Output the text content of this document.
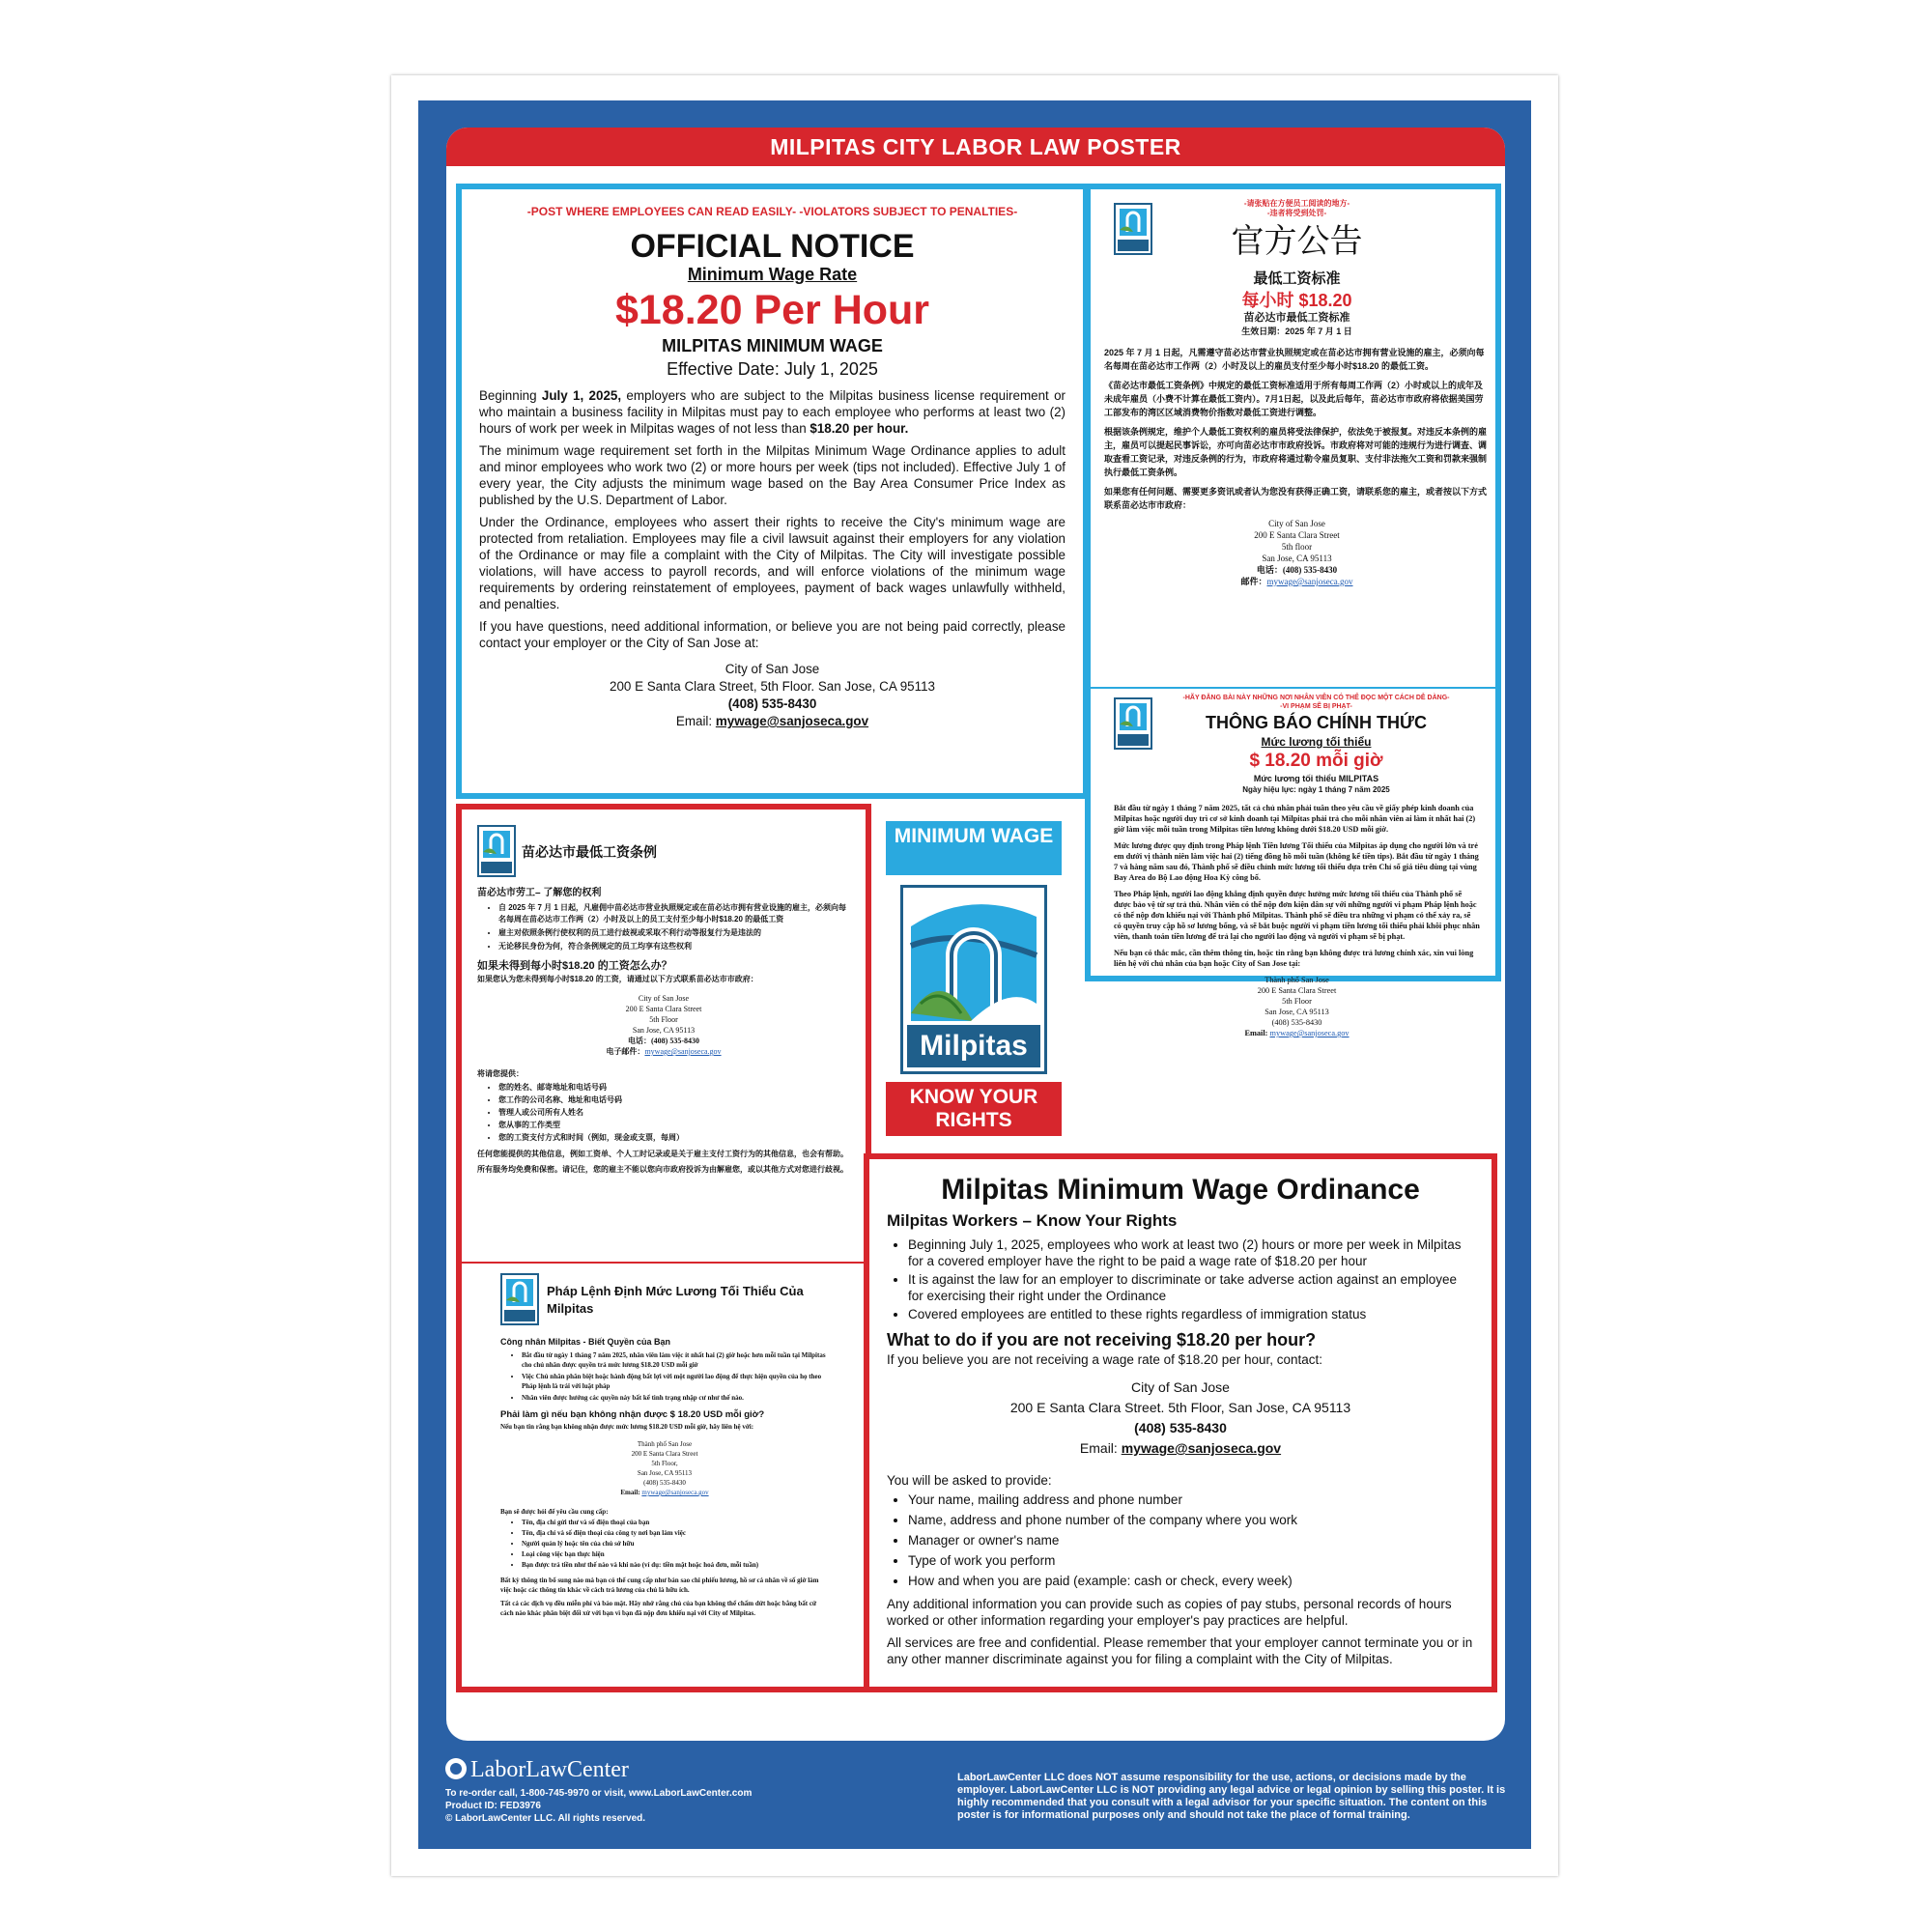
LaborLawCenter
To re-order call, 1-800-745-9970 or visit, www.LaborLawCenter.com
Product ID: FED3976
© LaborLawCenter LLC. All rights reserved.
LaborLawCenter LLC does NOT assume responsibility for the use, actions, or decisions made by the employer. LaborLawCenter LLC is NOT providing any legal advice or legal opinion by selling this poster. It is highly recommended that you consult with a legal advisor for your specific situation. The content on this poster is for informational purposes only and should not take the place of formal training.
MILPITAS CITY LABOR LAW POSTER
-POST WHERE EMPLOYEES CAN READ EASILY- -VIOLATORS SUBJECT TO PENALTIES-
OFFICIAL NOTICE
Minimum Wage Rate
$18.20 Per Hour
MILPITAS MINIMUM WAGE
Effective Date: July 1, 2025

Beginning July 1, 2025, employers who are subject to the Milpitas business license requirement or who maintain a business facility in Milpitas must pay to each employee who performs at least two (2) hours of work per week in Milpitas wages of not less than $18.20 per hour.

The minimum wage requirement set forth in the Milpitas Minimum Wage Ordinance applies to adult and minor employees who work two (2) or more hours per week (tips not included). Effective July 1 of every year, the City adjusts the minimum wage based on the Bay Area Consumer Price Index as published by the U.S. Department of Labor.

Under the Ordinance, employees who assert their rights to receive the City's minimum wage are protected from retaliation. Employees may file a civil lawsuit against their employers for any violation of the Ordinance or may file a complaint with the City of Milpitas. The City will investigate possible violations, will have access to payroll records, and will enforce violations of the minimum wage requirements by ordering reinstatement of employees, payment of back wages unlawfully withheld, and penalties.

If you have questions, need additional information, or believe you are not being paid correctly, please contact your employer or the City of San Jose at:

City of San Jose
200 E Santa Clara Street, 5th Floor. San Jose, CA 95113
(408) 535-8430
Email: mywage@sanjoseca.gov
-请张贴在方便员工阅读的地方-
-违者将受到处罚-
官方公告
最低工资标准
每小时 $18.20
苗必达市最低工资标准
生效日期：2025 年 7 月 1 日

2025 年 7 月 1 日起，凡需遵守苗必达市营业执照规定或在苗必达市拥有营业设施的雇主，必须向每名每周在苗必达市工作两（2）小时及以上的雇员支付至少每小时$18.20 的最低工资。

《苗必达市最低工资条例》中规定的最低工资标准适用于所有每周工作两（2）小时或以上的成年及未成年雇员（小费不计算在最低工资内）。7月1日起，以及此后每年，苗必达市市政府将依据美国劳工部发布的湾区区域消费物价指数对最低工资进行调整。

根据该条例规定，维护个人最低工资权利的雇员将受法律保护，依法免于被报复。对违反本条例的雇主，雇员可以提起民事诉讼，亦可向苗必达市市政府投诉。市政府将对可能的违规行为进行调查、调取查看工资记录，对违反条例的行为，市政府将通过勒令雇员复职、支付非法拖欠工资和罚款来强制执行最低工资条例。

如果您有任何问题、需要更多资讯或者认为您没有获得正确工资，请联系您的雇主，或者按以下方式联系苗必达市市政府：

City of San Jose
200 E Santa Clara Street
5th floor
San Jose, CA 95113
电话：(408) 535-8430
邮件：mywage@sanjoseca.gov
-HÃY ĐĂNG BÀI NÀY NHỮNG NƠI NHÂN VIÊN CÓ THỂ ĐỌC MỘT CÁCH DỄ DÀNG-
-VI PHẠM SẼ BỊ PHẠT-
THÔNG BÁO CHÍNH THỨC
Mức lương tối thiểu
$ 18.20 mỗi giờ
Mức lương tối thiểu MILPITAS
Ngày hiệu lực: ngày 1 tháng 7 năm 2025

Bắt đầu từ ngày 1 tháng 7 năm 2025, tất cả chủ nhân phải tuân theo yêu cầu về giấy phép kinh doanh của Milpitas hoặc người duy trì cơ sở kinh doanh tại Milpitas phải trả cho mỗi nhân viên ai làm ít nhất hai (2) giờ làm việc mỗi tuần trong Milpitas tiền lương không dưới $18.20 USD mỗi giờ.

Mức lương được quy định trong Pháp lệnh Tiền lương Tối thiểu của Milpitas áp dụng cho người lớn và trẻ em dưới vị thành niên làm việc hai (2) tiếng đồng hồ mỗi tuần (không kể tiền tips). Bắt đầu từ ngày 1 tháng 7 và hàng năm sau đó, Thành phố sẽ điều chỉnh mức lương tối thiểu dựa trên Chỉ số giá tiêu dùng tại vùng Bay Area do Bộ Lao động Hoa Kỳ công bố.

Theo Pháp lệnh, người lao động khẳng định quyền được hưởng mức lương tối thiểu của Thành phố sẽ được bảo vệ từ sự trả thù. Nhân viên có thể nộp đơn kiện dân sự với những người vi phạm Pháp lệnh hoặc có thể nộp đơn khiếu nại với Thành phố Milpitas. Thành phố sẽ điều tra những vi phạm có thể xảy ra, sẽ có quyền truy cập hồ sơ lương bổng, và sẽ bắt buộc người vi phạm tiền lương tối thiểu phải khôi phục nhân viên, thanh toán tiền lương để trả lại cho người lao động và người vi phạm sẽ bị phạt.

Nếu bạn có thắc mắc, cần thêm thông tin, hoặc tin rằng bạn không được trả lương chính xác, xin vui lòng liên hệ với chủ nhân của bạn hoặc City of San Jose tại:

Thành phố San Jose
200 E Santa Clara Street
5th Floor
San Jose, CA 95113
(408) 535-8430
Email: mywage@sanjoseca.gov
MINIMUM WAGE
Milpitas
KNOW YOUR RIGHTS
苗必达市最低工资条例
苗必达市劳工– 了解您的权利
• 自 2025 年 7 月 1 日起，凡雇佣中苗必达市营业执照规定或在苗必达市拥有营业设施的雇主，必须向每名每周在苗必达市工作两（2）小时及以上的员工支付至少每小时$18.20 的最低工资
• 雇主对依照条例行使权利的员工进行歧视或采取不利行动等报复行为是违法的
• 无论移民身份为何，符合条例规定的员工均享有这些权利
如果未得到每小时$18.20 的工资怎么办？
如果您认为您未得到每小时$18.20 的工资，请通过以下方式联系苗必达市市政府：
City of San Jose
200 E Santa Clara Street
5th Floor
San Jose, CA 95113
电话：(408) 535-8430
电子邮件：mywage@sanjoseca.gov
将请您提供：
• 您的姓名、邮寄地址和电话号码
• 您工作的公司名称、地址和电话号码
• 管理人或公司所有人姓名
• 您从事的工作类型
• 您的工资支付方式和时间（例如，现金或支票，每周）
任何您能提供的其他信息，例如工资单、个人工时记录或是关于雇主支付工资行为的其他信息，也会有帮助。
所有服务均免费和保密。请记住，您的雇主不能以您向市政府投诉为由解雇您，或以其他方式对您进行歧视。
Pháp Lệnh Định Mức Lương Tối Thiểu Của Milpitas
Công nhân Milpitas - Biết Quyền của Bạn
• Bắt đầu từ ngày 1 tháng 7 năm 2025, nhân viên làm việc ít nhất hai (2) giờ hoặc hơn mỗi tuần tại Milpitas cho chủ nhân được quyền trả mức lương $18.20 USD mỗi giờ
• Việc Chủ nhân phân biệt hoặc hành động bất lợi với một người lao động để thực hiện quyền của họ theo Pháp lệnh là trái với luật pháp
• Nhân viên được hưởng các quyền này bất kể tình trạng nhập cư như thế nào.
Phải làm gì nếu bạn không nhận được $ 18.20 USD mỗi giờ?
Nếu bạn tin rằng bạn không nhận được mức lương $18.20 USD mỗi giờ, hãy liên hệ với:
Thành phố San Jose
200 E Santa Clara Street
5th Floor,
San Jose, CA 95113
(408) 535-8430
Email: mywage@sanjoseca.gov
Bạn sẽ được hỏi để yêu cầu cung cấp:
• Tên, địa chỉ gửi thư và số điện thoại của bạn
• Tên, địa chỉ và số điện thoại của công ty nơi bạn làm việc
• Người quản lý hoặc tên của chủ sở hữu
• Loại công việc bạn thực hiện
• Bạn được trả tiền như thế nào và khi nào (ví dụ: tiền mặt hoặc hoá đơn, mỗi tuần)
Bất kỳ thông tin bổ sung nào mà bạn có thể cung cấp như bản sao chi phiếu lương, hồ sơ cá nhân về số giờ làm việc hoặc các thông tin khác về cách trả lương của chủ là hữu ích.
Tất cả các dịch vụ đều miễn phí và bảo mật. Hãy nhớ rằng chủ của bạn không thể chấm dứt hoặc bằng bất cứ cách nào khác phân biệt đối xử với bạn vì bạn đã nộp đơn khiếu nại với City of Milpitas.
Milpitas Minimum Wage Ordinance
Milpitas Workers – Know Your Rights
• Beginning July 1, 2025, employees who work at least two (2) hours or more per week in Milpitas for a covered employer have the right to be paid a wage rate of $18.20 per hour
• It is against the law for an employer to discriminate or take adverse action against an employee for exercising their right under the Ordinance
• Covered employees are entitled to these rights regardless of immigration status
What to do if you are not receiving $18.20 per hour?
If you believe you are not receiving a wage rate of $18.20 per hour, contact:
City of San Jose
200 E Santa Clara Street. 5th Floor, San Jose, CA 95113
(408) 535-8430
Email: mywage@sanjoseca.gov
You will be asked to provide:
• Your name, mailing address and phone number
• Name, address and phone number of the company where you work
• Manager or owner's name
• Type of work you perform
• How and when you are paid (example: cash or check, every week)

Any additional information you can provide such as copies of pay stubs, personal records of hours worked or other information regarding your employer's pay practices are helpful.

All services are free and confidential. Please remember that your employer cannot terminate you or in any other manner discriminate against you for filing a complaint with the City of Milpitas.
